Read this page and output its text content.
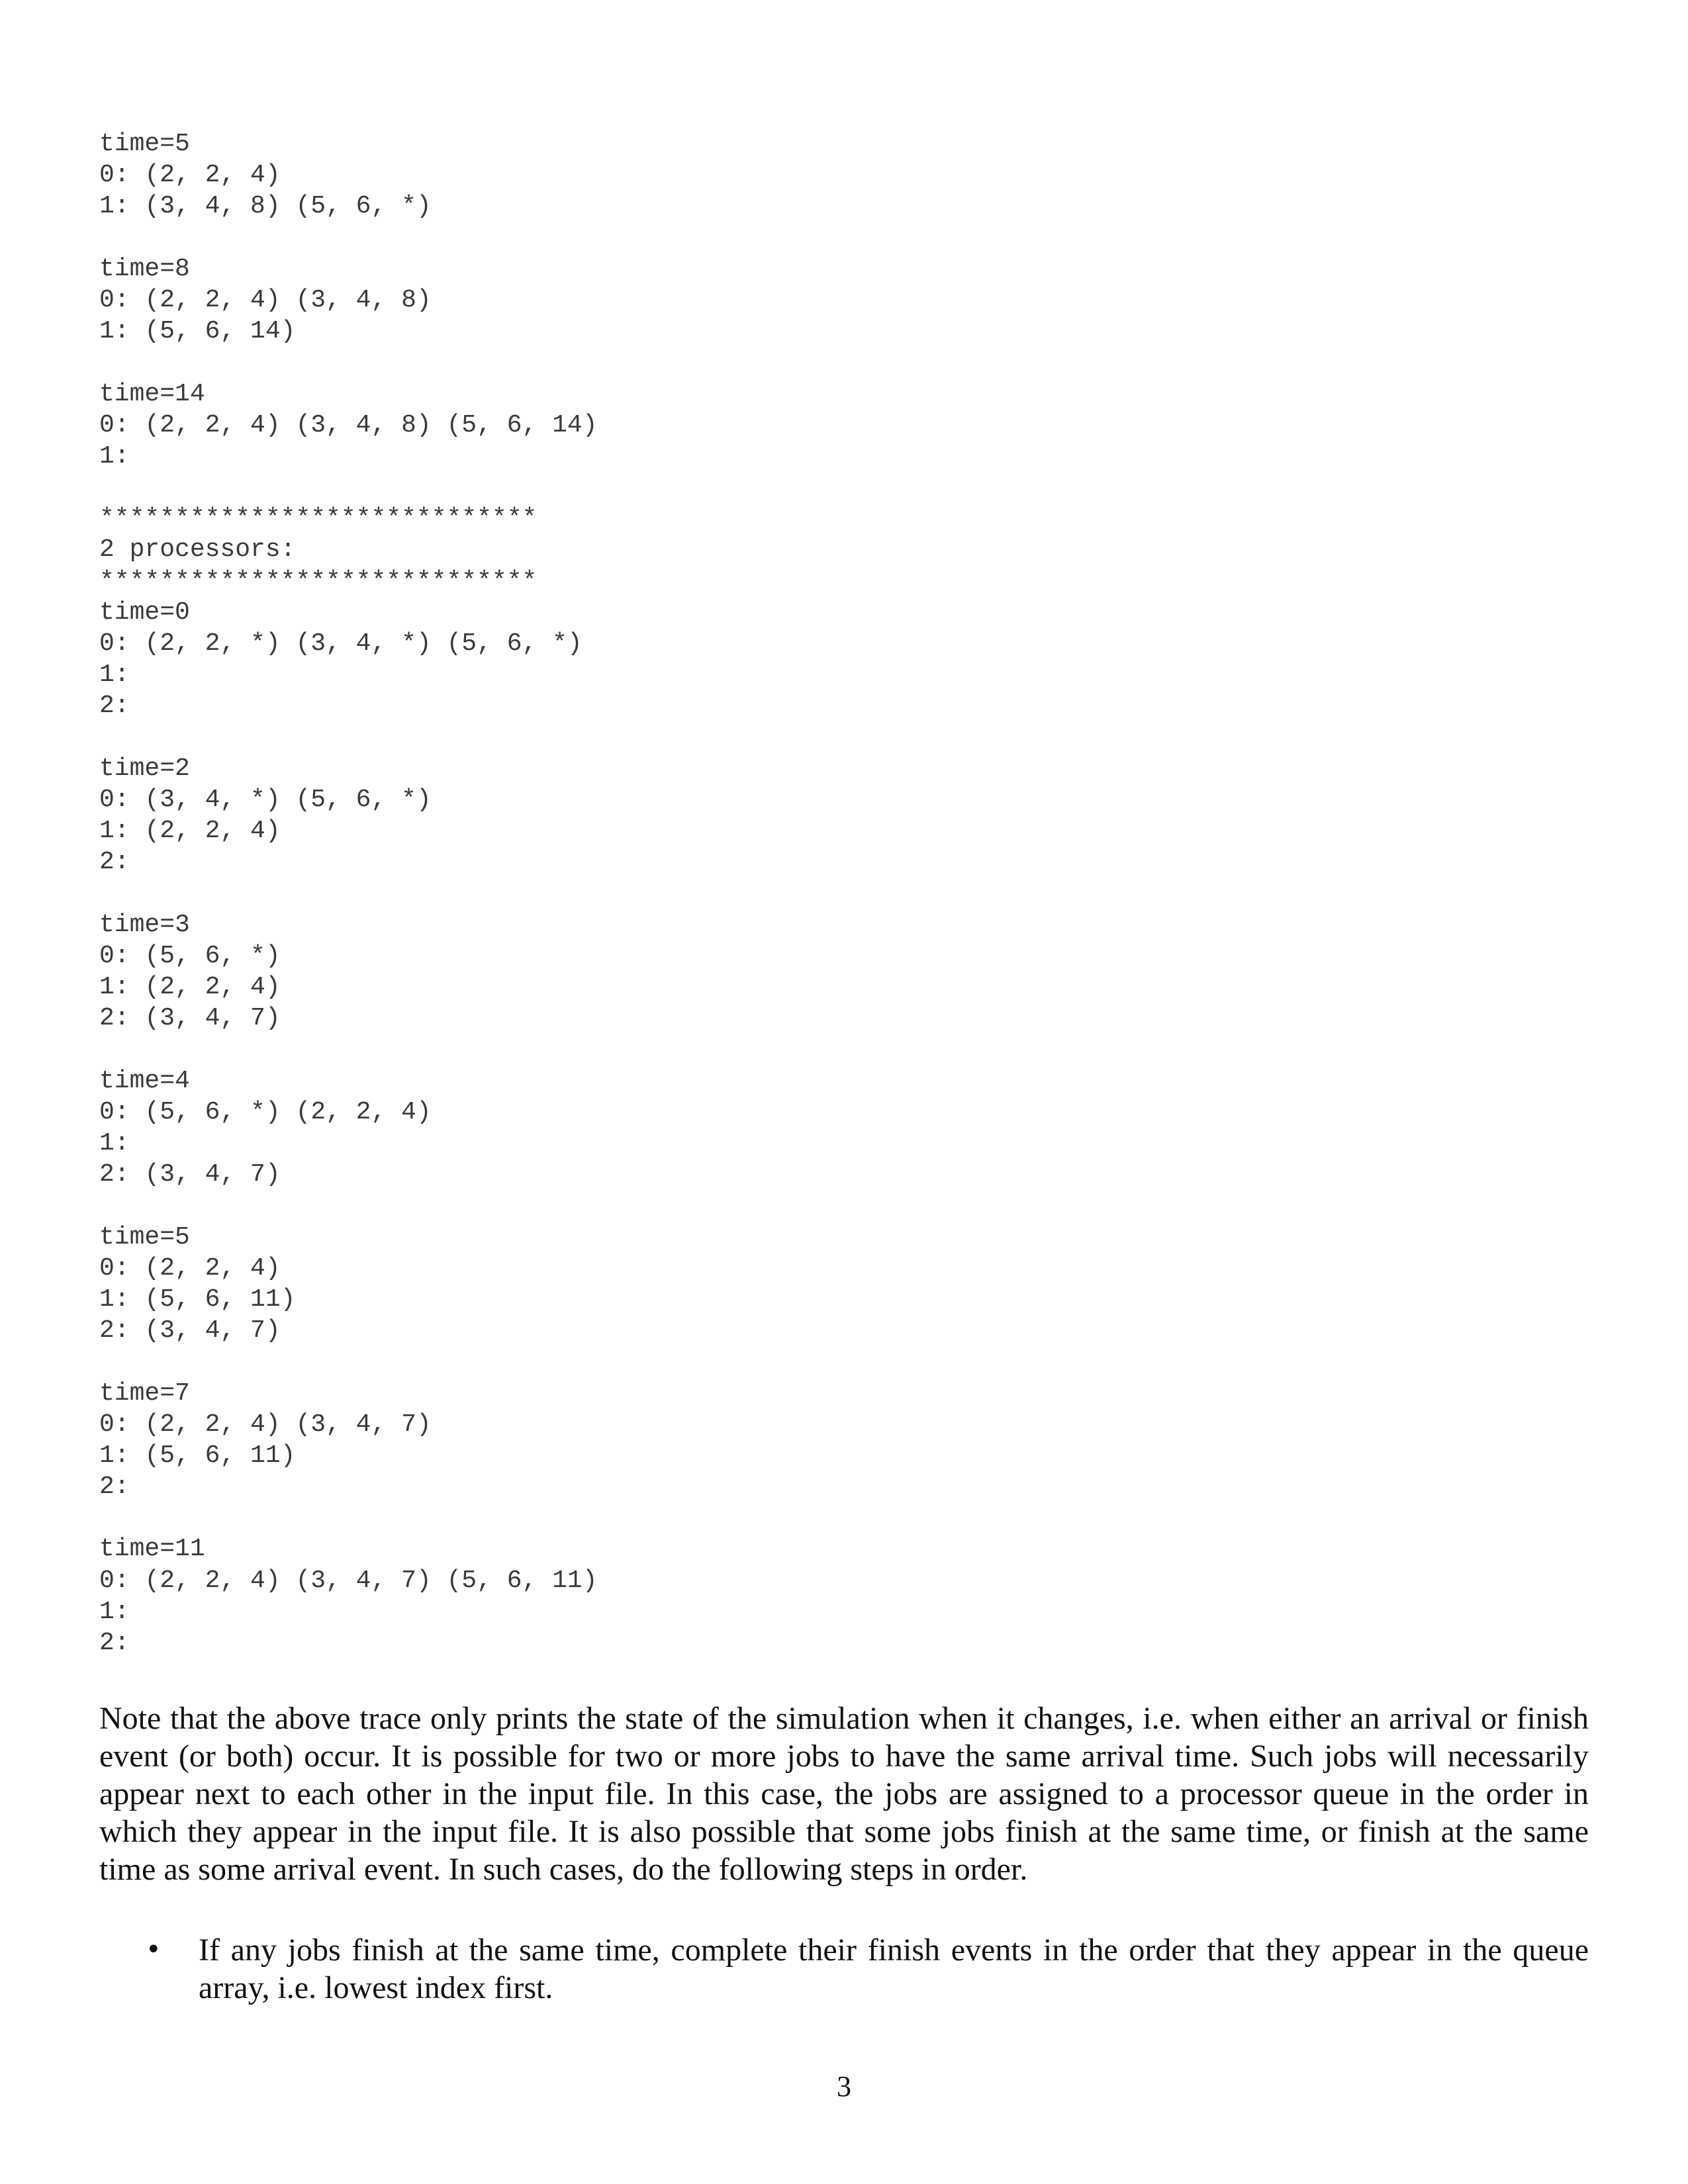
time=5
0: (2, 2, 4)
1: (3, 4, 8) (5, 6, *)
time=8
0: (2, 2, 4) (3, 4, 8)
1: (5, 6, 14)
time=14
0: (2, 2, 4) (3, 4, 8) (5, 6, 14)
1:
*****************************
2 processors:
*****************************
time=0
0: (2, 2, *) (3, 4, *) (5, 6, *)
1:
2:
time=2
0: (3, 4, *) (5, 6, *)
1: (2, 2, 4)
2:
time=3
0: (5, 6, *)
1: (2, 2, 4)
2: (3, 4, 7)
time=4
0: (5, 6, *) (2, 2, 4)
1:
2: (3, 4, 7)
time=5
0: (2, 2, 4)
1: (5, 6, 11)
2: (3, 4, 7)
time=7
0: (2, 2, 4) (3, 4, 7)
1: (5, 6, 11)
2:
time=11
0: (2, 2, 4) (3, 4, 7) (5, 6, 11)
1:
2:

Note that the above trace only prints the state of the simulation when it changes, i.e. when either an arrival or finish event (or both) occur. It is possible for two or more jobs to have the same arrival time. Such jobs will necessarily appear next to each other in the input file. In this case, the jobs are assigned to a processor queue in the order in which they appear in the input file. It is also possible that some jobs finish at the same time, or finish at the same time as some arrival event. In such cases, do the following steps in order.

• If any jobs finish at the same time, complete their finish events in the order that they appear in the queue array, i.e. lowest index first.
3
